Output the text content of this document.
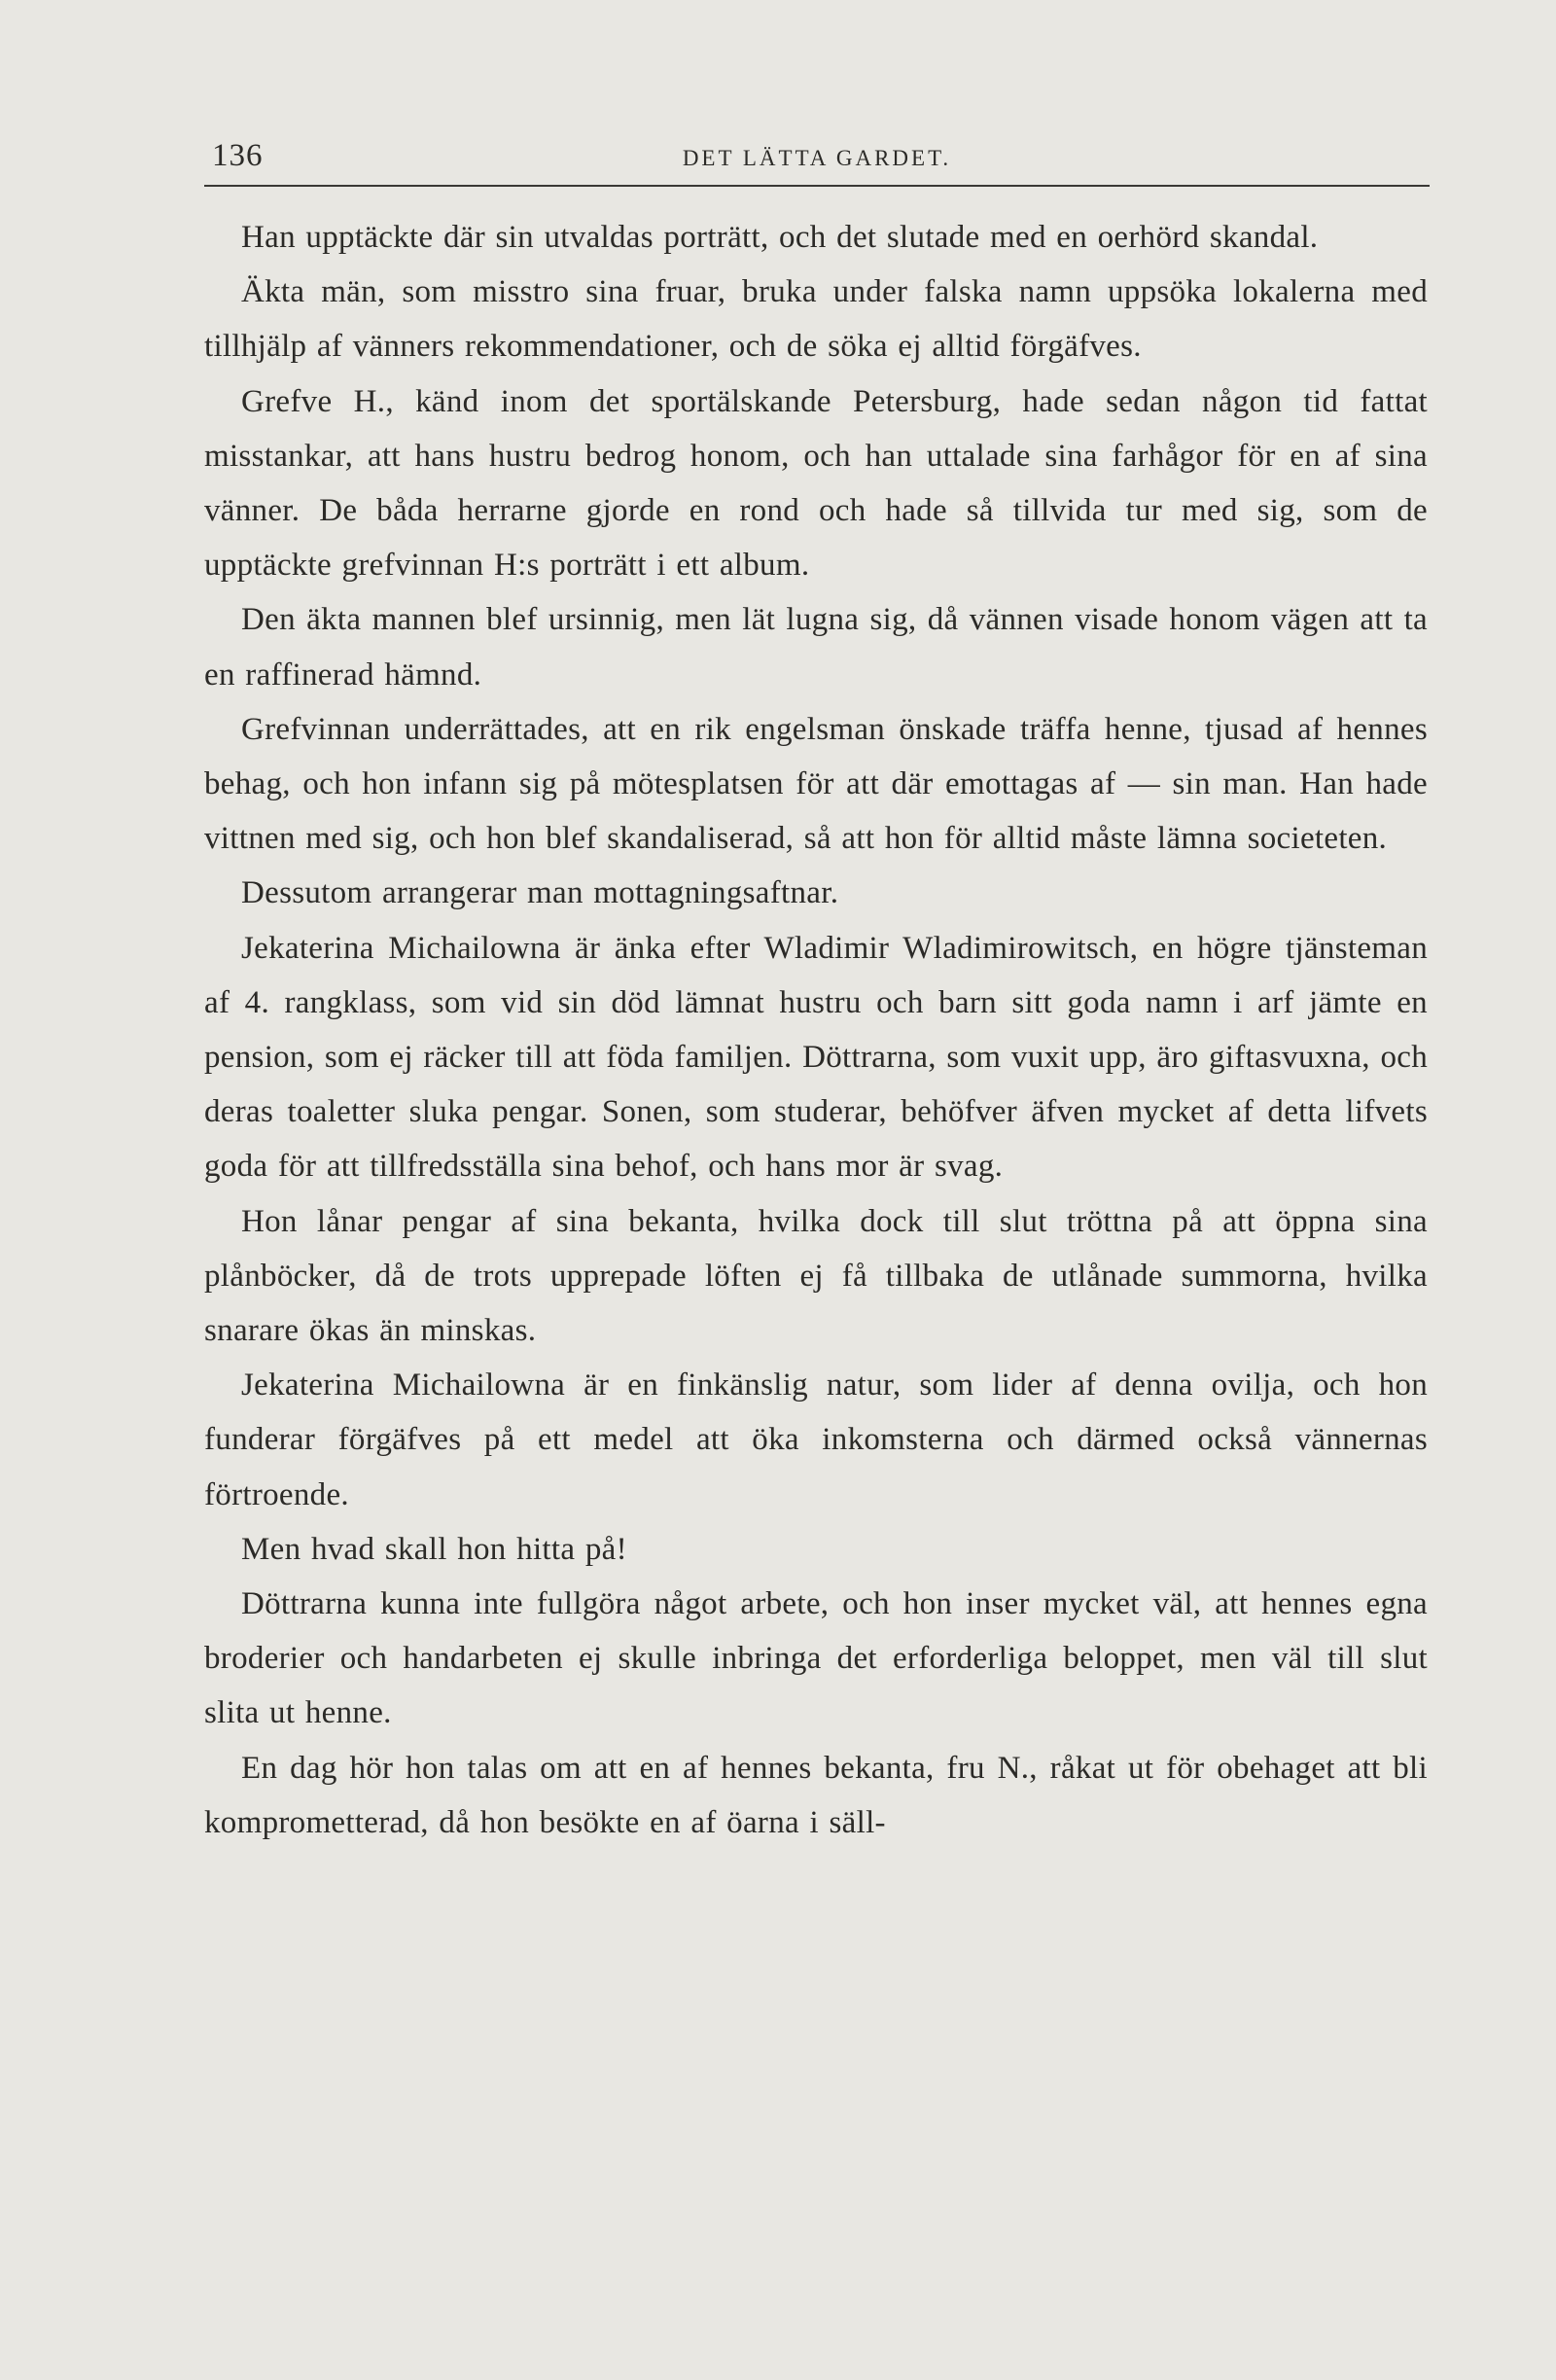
136	DET LÄTTA GARDET.

Han upptäckte där sin utvaldas porträtt, och det slutade med en oerhörd skandal.

Äkta män, som misstro sina fruar, bruka under falska namn uppsöka lokalerna med tillhjälp af vänners rekommendationer, och de söka ej alltid förgäfves.

Grefve H., känd inom det sportälskande Petersburg, hade sedan någon tid fattat misstankar, att hans hustru bedrog honom, och han uttalade sina farhågor för en af sina vänner. De båda herrarne gjorde en rond och hade så tillvida tur med sig, som de upptäckte grefvinnan H:s porträtt i ett album.

Den äkta mannen blef ursinnig, men lät lugna sig, då vännen visade honom vägen att ta en raffinerad hämnd.

Grefvinnan underrättades, att en rik engelsman önskade träffa henne, tjusad af hennes behag, och hon infann sig på mötesplatsen för att där emottagas af — sin man. Han hade vittnen med sig, och hon blef skandaliserad, så att hon för alltid måste lämna societeten.

Dessutom arrangerar man mottagningsaftnar.

Jekaterina Michailowna är änka efter Wladimir Wladimirowitsch, en högre tjänsteman af 4. rangklass, som vid sin död lämnat hustru och barn sitt goda namn i arf jämte en pension, som ej räcker till att föda familjen. Döttrarna, som vuxit upp, äro giftasvuxna, och deras toaletter sluka pengar. Sonen, som studerar, behöfver äfven mycket af detta lifvets goda för att tillfredsställa sina behof, och hans mor är svag.

Hon lånar pengar af sina bekanta, hvilka dock till slut tröttna på att öppna sina plånböcker, då de trots upprepade löften ej få tillbaka de utlånade summorna, hvilka snarare ökas än minskas.

Jekaterina Michailowna är en finkänslig natur, som lider af denna ovilja, och hon funderar förgäfves på ett medel att öka inkomsterna och därmed också vännernas förtroende.

Men hvad skall hon hitta på!

Döttrarna kunna inte fullgöra något arbete, och hon inser mycket väl, att hennes egna broderier och handarbeten ej skulle inbringa det erforderliga beloppet, men väl till slut slita ut henne.

En dag hör hon talas om att en af hennes bekanta, fru N., råkat ut för obehaget att bli komprometterad, då hon besökte en af öarna i säll-
